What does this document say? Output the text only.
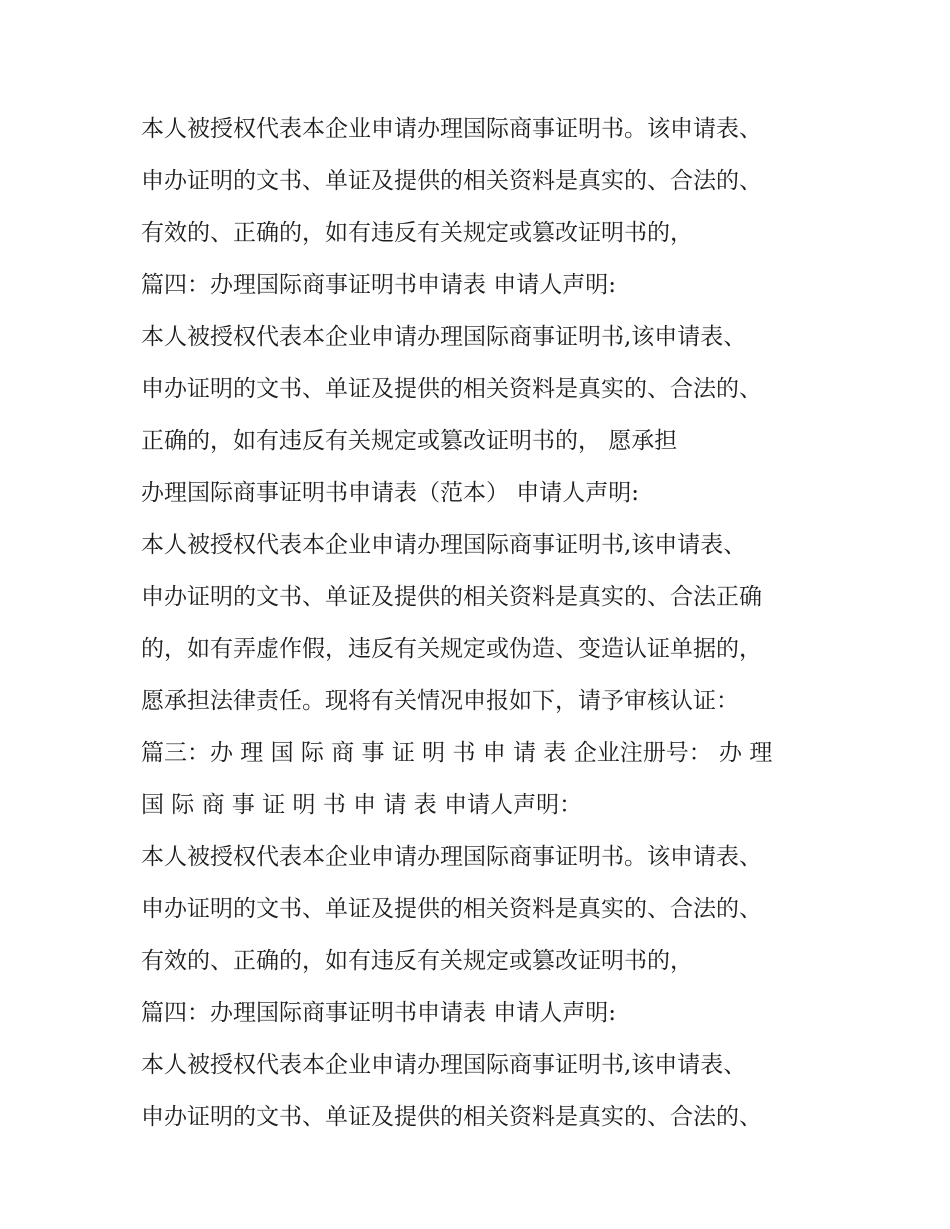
本人被授权代表本企业申请办理国际商事证明书。该申请表、
申办证明的文书、单证及提供的相关资料是真实的、合法的、
有效的、正确的，如有违反有关规定或篡改证明书的，
篇四：办理国际商事证明书申请表 申请人声明:
本人被授权代表本企业申请办理国际商事证明书,该申请表、
申办证明的文书、单证及提供的相关资料是真实的、合法的、
正确的，如有违反有关规定或篡改证明书的， 愿承担
办理国际商事证明书申请表（范本） 申请人声明:
本人被授权代表本企业申请办理国际商事证明书,该申请表、
申办证明的文书、单证及提供的相关资料是真实的、合法正确
的，如有弄虚作假，违反有关规定或伪造、变造认证单据的，
愿承担法律责任。现将有关情况申报如下，请予审核认证：
篇三：办 理 国 际 商 事 证 明 书 申 请 表 企业注册号： 办 理
国 际 商 事 证 明 书 申 请 表 申请人声明：
本人被授权代表本企业申请办理国际商事证明书。该申请表、
申办证明的文书、单证及提供的相关资料是真实的、合法的、
有效的、正确的，如有违反有关规定或篡改证明书的，
篇四：办理国际商事证明书申请表 申请人声明:
本人被授权代表本企业申请办理国际商事证明书,该申请表、
申办证明的文书、单证及提供的相关资料是真实的、合法的、
